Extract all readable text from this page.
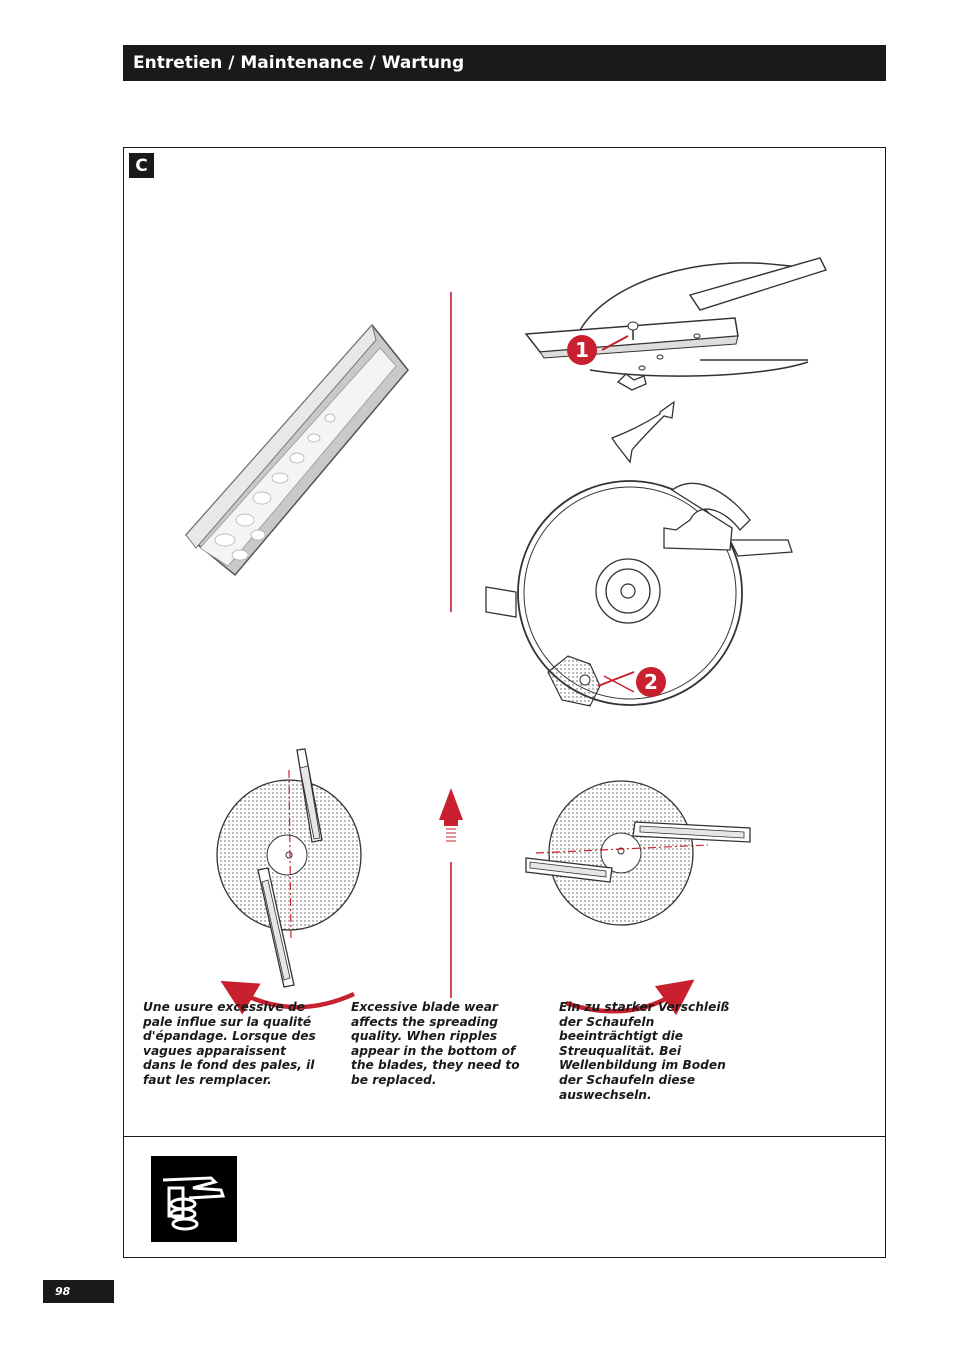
Entretien / Maintenance / Wartung
C
1
2

Une usure excessive de pale influe sur la qualité d'épandage. Lorsque des vagues apparaissent dans le fond des pales, il faut les remplacer.

Excessive blade wear affects the spreading quality. When ripples appear in the bottom of the blades, they need to be replaced.

Ein zu starker Verschleiß der Schaufeln beeinträchtigt die Streuqualität. Bei Wellenbildung im Boden der Schaufeln diese auswechseln.

98
